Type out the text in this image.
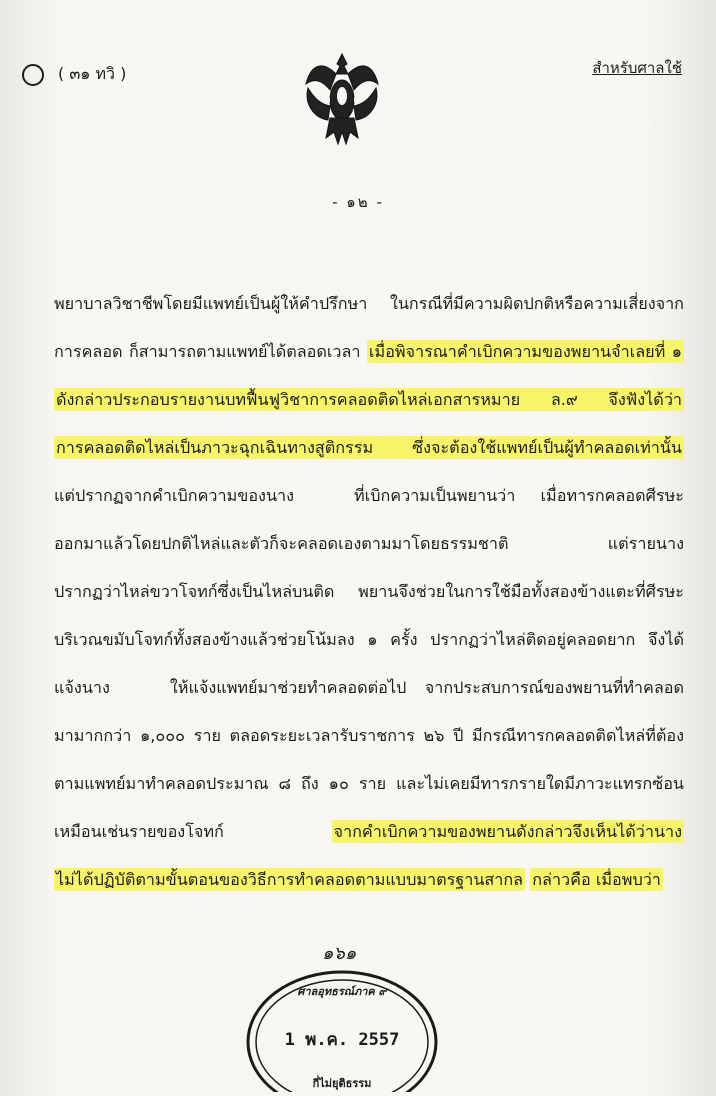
( ๓๑ ทวิ )	สำหรับศาลใช้
- ๑๒ -
พยาบาลวิชาชีพโดยมีแพทย์เป็นผู้ให้คำปรึกษา ในกรณีที่มีความผิดปกติหรือความเสี่ยงจาก
การคลอด ก็สามารถตามแพทย์ได้ตลอดเวลา เมื่อพิจารณาคำเบิกความของพยานจำเลยที่ ๑
ดังกล่าวประกอบรายงานบทฟื้นฟูวิชาการคลอดติดไหล่เอกสารหมาย ล.๙ จึงฟังได้ว่า
การคลอดติดไหล่เป็นภาวะฉุกเฉินทางสูติกรรม ซึ่งจะต้องใช้แพทย์เป็นผู้ทำคลอดเท่านั้น
แต่ปรากฏจากคำเบิกความของนาง	ที่เบิกความเป็นพยานว่า เมื่อทารกคลอดศีรษะ
ออกมาแล้วโดยปกติไหล่และตัวก็จะคลอดเองตามมาโดยธรรมชาติ แต่รายนาง
ปรากฏว่าไหล่ขวาโจทก์ซึ่งเป็นไหล่บนติด พยานจึงช่วยในการใช้มือทั้งสองข้างแตะที่ศีรษะ
บริเวณขมับโจทก์ทั้งสองข้างแล้วช่วยโน้มลง ๑ ครั้ง ปรากฏว่าไหล่ติดอยู่คลอดยาก จึงได้
แจ้งนาง	ให้แจ้งแพทย์มาช่วยทำคลอดต่อไป จากประสบการณ์ของพยานที่ทำคลอด
มามากกว่า ๑,๐๐๐ ราย ตลอดระยะเวลารับราชการ ๒๖ ปี มีกรณีทารกคลอดติดไหล่ที่ต้อง
ตามแพทย์มาทำคลอดประมาณ ๘ ถึง ๑๐ ราย และไม่เคยมีทารกรายใดมีภาวะแทรกซ้อน
เหมือนเช่นรายของโจทก์ จากคำเบิกความของพยานดังกล่าวจึงเห็นได้ว่านาง
ไม่ได้ปฏิบัติตามขั้นตอนของวิธีการทำคลอดตามแบบมาตรฐานสากล กล่าวคือ เมื่อพบว่า
๑๖๑
ศาลอุทธรณ์ภาค ๙
1 พ.ค. 2557
กี่ไม่ยุติธรรม
